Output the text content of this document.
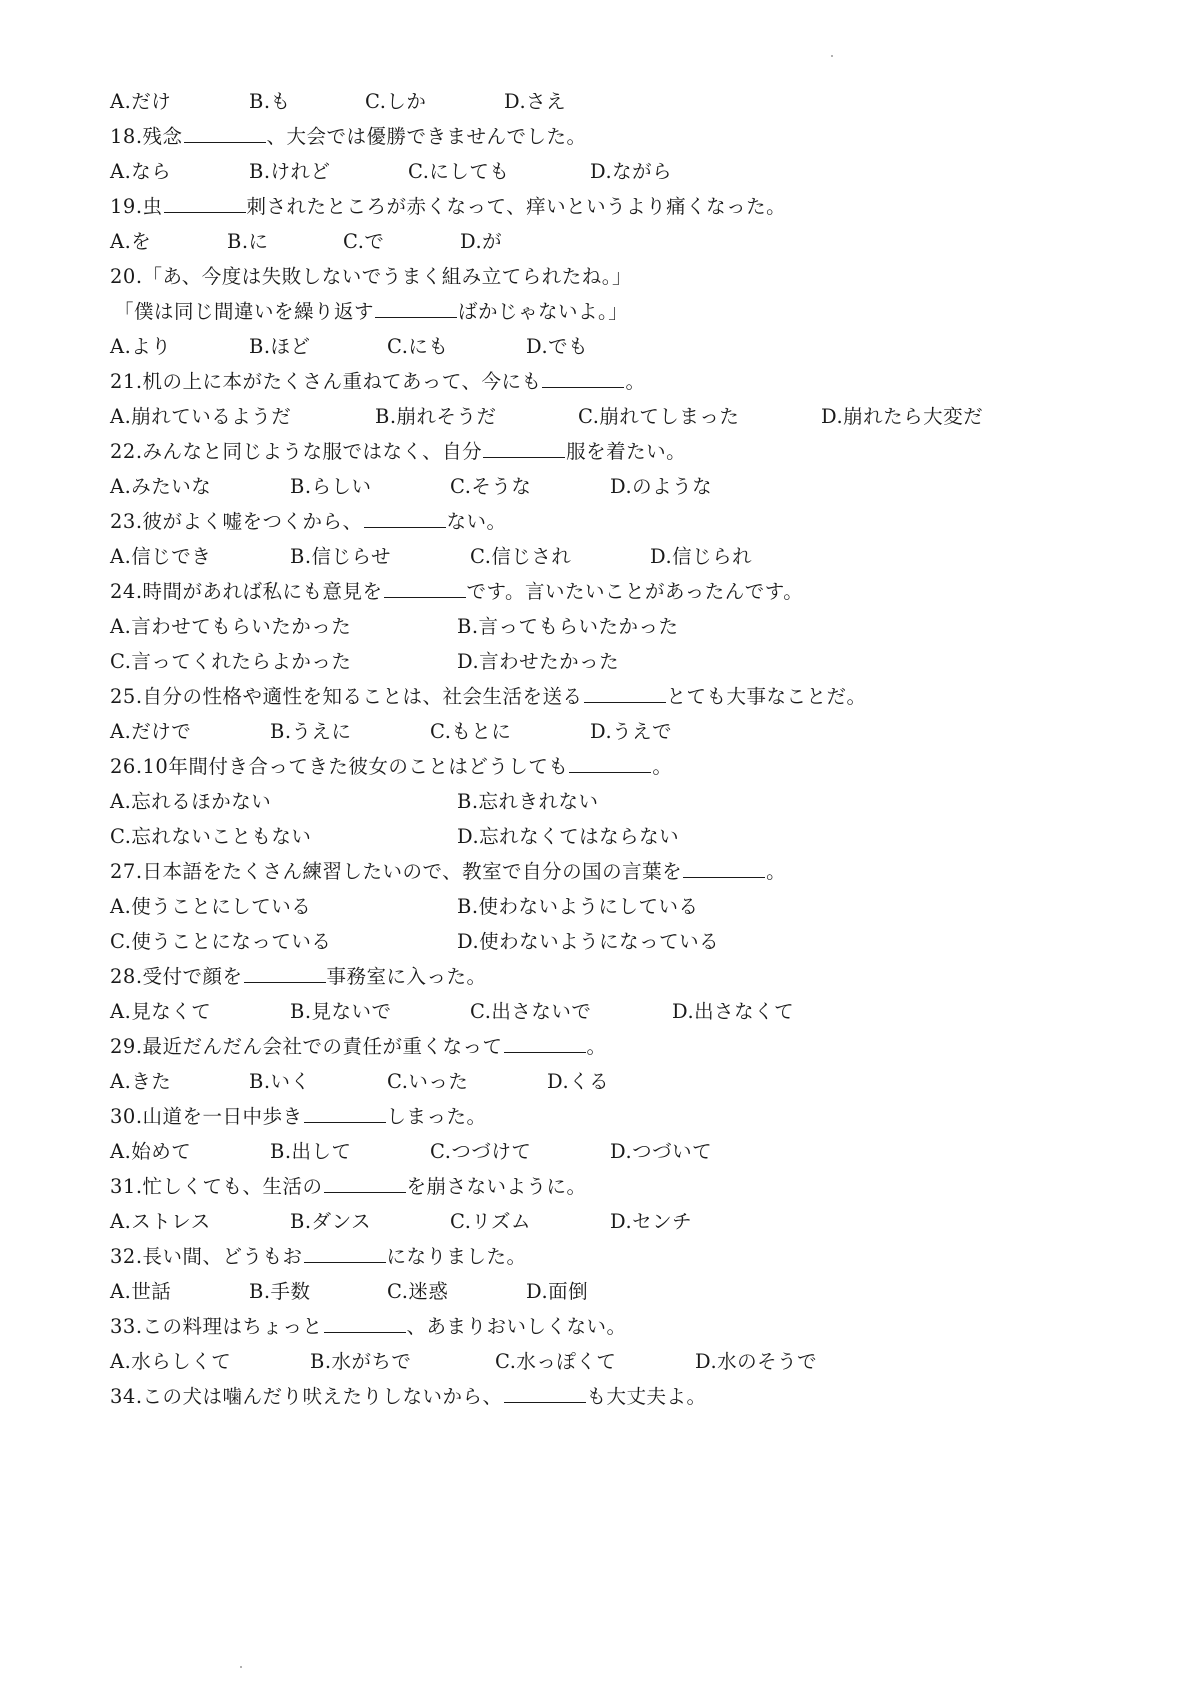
A.だけ	B.も	C.しか	D.さえ
18.残念	、大会では優勝できませんでした。
A.なら	B.けれど	C.にしても	D.ながら
19.虫	刺されたところが赤くなって、痒いというより痛くなった。
A.を	B.に	C.で	D.が
20.「あ、今度は失敗しないでうまく組み立てられたね。」
「僕は同じ間違いを繰り返す	ばかじゃないよ。」
A.より	B.ほど	C.にも	D.でも
21.机の上に本がたくさん重ねてあって、今にも	。
A.崩れているようだ	B.崩れそうだ	C.崩れてしまった	D.崩れたら大変だ
22.みんなと同じような服ではなく、自分	服を着たい。
A.みたいな	B.らしい	C.そうな	D.のような
23.彼がよく嘘をつくから、	ない。
A.信じでき	B.信じらせ	C.信じされ	D.信じられ
24.時間があれば私にも意見を	です。言いたいことがあったんです。
A.言わせてもらいたかった	B.言ってもらいたかった
C.言ってくれたらよかった	D.言わせたかった
25.自分の性格や適性を知ることは、社会生活を送る	とても大事なことだ。
A.だけで	B.うえに	C.もとに	D.うえで
26.10年間付き合ってきた彼女のことはどうしても	。
A.忘れるほかない	B.忘れきれない
C.忘れないこともない	D.忘れなくてはならない
27.日本語をたくさん練習したいので、教室で自分の国の言葉を	。
A.使うことにしている	B.使わないようにしている
C.使うことになっている	D.使わないようになっている
28.受付で顔を	事務室に入った。
A.見なくて	B.見ないで	C.出さないで	D.出さなくて
29.最近だんだん会社での責任が重くなって	。
A.きた	B.いく	C.いった	D.くる
30.山道を一日中歩き	しまった。
A.始めて	B.出して	C.つづけて	D.つづいて
31.忙しくても、生活の	を崩さないように。
A.ストレス	B.ダンス	C.リズム	D.センチ
32.長い間、どうもお	になりました。
A.世話	B.手数	C.迷惑	D.面倒
33.この料理はちょっと	、あまりおいしくない。
A.水らしくて	B.水がちで	C.水っぽくて	D.水のそうで
34.この犬は噛んだり吠えたりしないから、	も大丈夫よ。
